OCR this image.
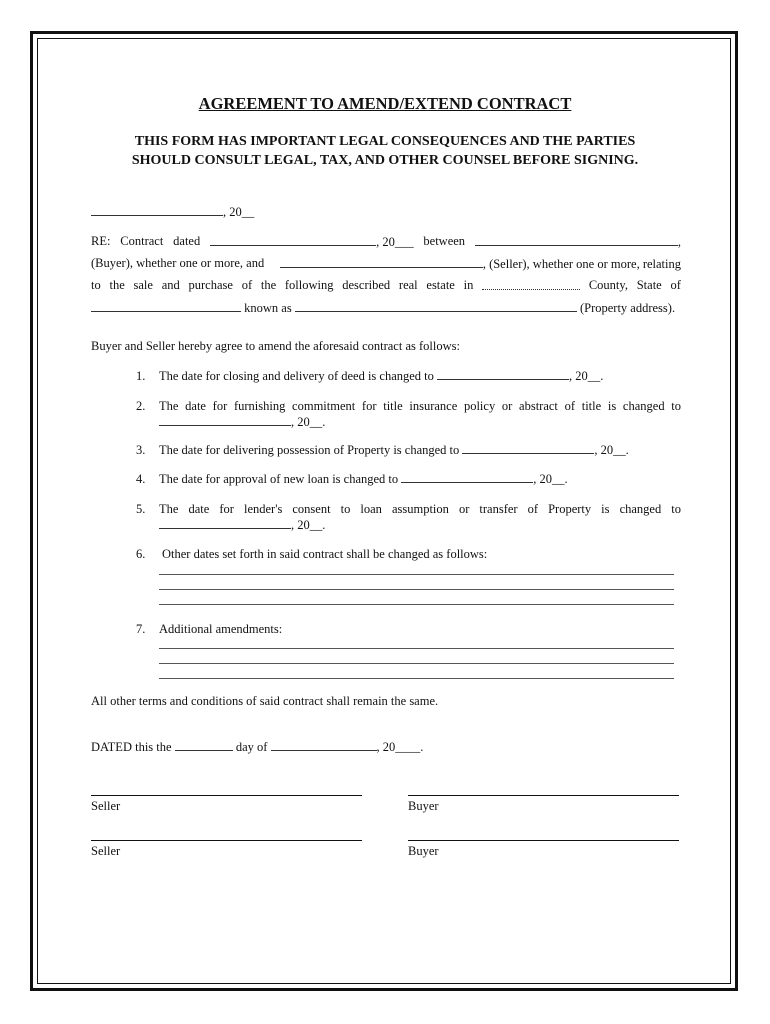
AGREEMENT TO AMEND/EXTEND CONTRACT
THIS FORM HAS IMPORTANT LEGAL CONSEQUENCES AND THE PARTIES
SHOULD CONSULT LEGAL, TAX, AND OTHER COUNSEL BEFORE SIGNING.
, 20__
RE: Contract dated	, 20___ between	,
(Buyer), whether one or more, and	, (Seller), whether one or more, relating
to the sale and purchase of the following described real estate in	County, State of
known as	(Property address).
Buyer and Seller hereby agree to amend the aforesaid contract as follows:
1. The date for closing and delivery of deed is changed to	, 20__.
2. The date for furnishing commitment for title insurance policy or abstract of title is changed to
, 20__.
3. The date for delivering possession of Property is changed to	, 20__.
4. The date for approval of new loan is changed to	, 20__.
5. The date for lender's consent to loan assumption or transfer of Property is changed to
, 20__.
6. Other dates set forth in said contract shall be changed as follows:
7. Additional amendments:
All other terms and conditions of said contract shall remain the same.
DATED this the	day of	, 20____.
Seller	Buyer
Seller	Buyer
